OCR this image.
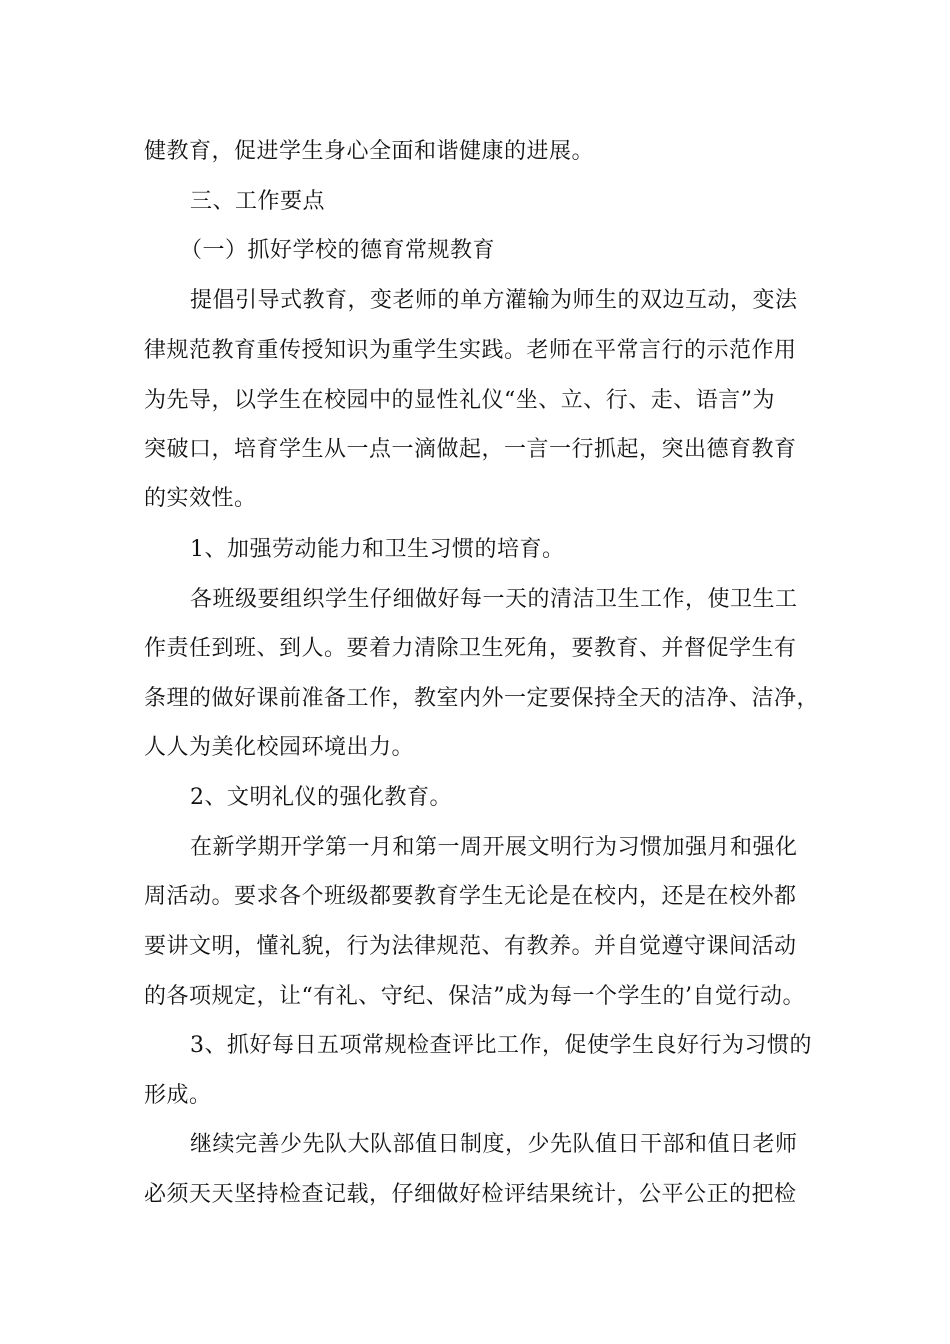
健教育，促进学生身心全面和谐健康的进展。
三、工作要点
（一）抓好学校的德育常规教育
提倡引导式教育，变老师的单方灌输为师生的双边互动，变法
律规范教育重传授知识为重学生实践。老师在平常言行的示范作用
为先导，以学生在校园中的显性礼仪“坐、立、行、走、语言”为
突破口，培育学生从一点一滴做起，一言一行抓起，突出德育教育
的实效性。
1、加强劳动能力和卫生习惯的培育。
各班级要组织学生仔细做好每一天的清洁卫生工作，使卫生工
作责任到班、到人。要着力清除卫生死角，要教育、并督促学生有
条理的做好课前准备工作，教室内外一定要保持全天的洁净、洁净，
人人为美化校园环境出力。
2、文明礼仪的强化教育。
在新学期开学第一月和第一周开展文明行为习惯加强月和强化
周活动。要求各个班级都要教育学生无论是在校内，还是在校外都
要讲文明，懂礼貌，行为法律规范、有教养。并自觉遵守课间活动
的各项规定，让“有礼、守纪、保洁”成为每一个学生的’自觉行动。
3、抓好每日五项常规检查评比工作，促使学生良好行为习惯的
形成。
继续完善少先队大队部值日制度，少先队值日干部和值日老师
必须天天坚持检查记载，仔细做好检评结果统计，公平公正的把检
